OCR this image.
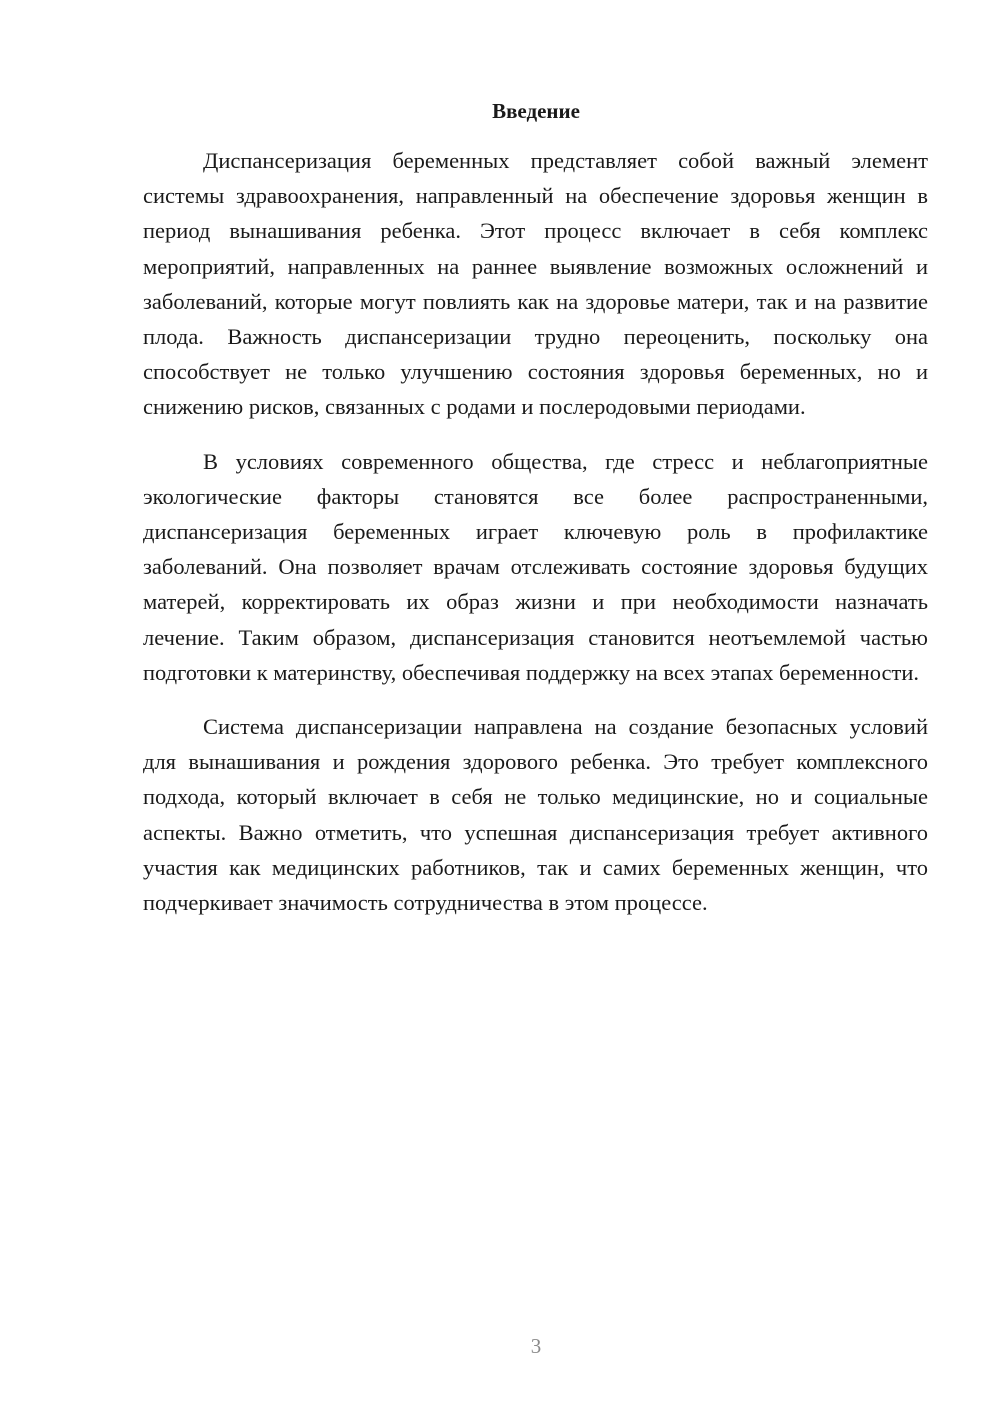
Введение

Диспансеризация беременных представляет собой важный элемент системы здравоохранения, направленный на обеспечение здоровья женщин в период вынашивания ребенка. Этот процесс включает в себя комплекс мероприятий, направленных на раннее выявление возможных осложнений и заболеваний, которые могут повлиять как на здоровье матери, так и на развитие плода. Важность диспансеризации трудно переоценить, поскольку она способствует не только улучшению состояния здоровья беременных, но и снижению рисков, связанных с родами и послеродовыми периодами.

В условиях современного общества, где стресс и неблагоприятные экологические факторы становятся все более распространенными, диспансеризация беременных играет ключевую роль в профилактике заболеваний. Она позволяет врачам отслеживать состояние здоровья будущих матерей, корректировать их образ жизни и при необходимости назначать лечение. Таким образом, диспансеризация становится неотъемлемой частью подготовки к материнству, обеспечивая поддержку на всех этапах беременности.

Система диспансеризации направлена на создание безопасных условий для вынашивания и рождения здорового ребенка. Это требует комплексного подхода, который включает в себя не только медицинские, но и социальные аспекты. Важно отметить, что успешная диспансеризация требует активного участия как медицинских работников, так и самих беременных женщин, что подчеркивает значимость сотрудничества в этом процессе.

3
